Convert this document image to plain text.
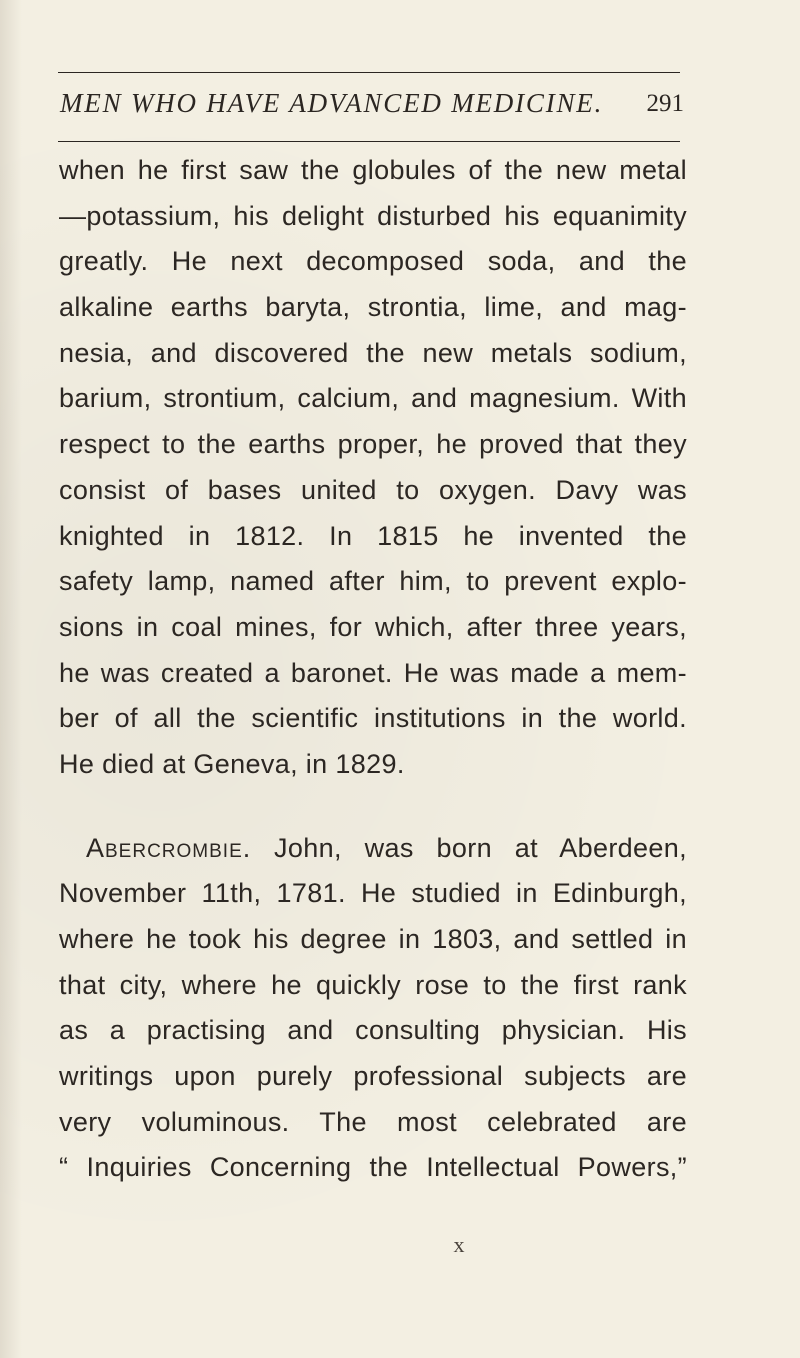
MEN WHO HAVE ADVANCED MEDICINE. 291
when he first saw the globules of the new metal
—potassium, his delight disturbed his equanimity
greatly. He next decomposed soda, and the
alkaline earths baryta, strontia, lime, and mag-
nesia, and discovered the new metals sodium,
barium, strontium, calcium, and magnesium. With
respect to the earths proper, he proved that they
consist of bases united to oxygen. Davy was
knighted in 1812. In 1815 he invented the
safety lamp, named after him, to prevent explo-
sions in coal mines, for which, after three years,
he was created a baronet. He was made a mem-
ber of all the scientific institutions in the world.
He died at Geneva, in 1829.
Abercrombie. John, was born at Aberdeen,
November 11th, 1781. He studied in Edinburgh,
where he took his degree in 1803, and settled in
that city, where he quickly rose to the first rank
as a practising and consulting physician. His
writings upon purely professional subjects are
very voluminous. The most celebrated are
“ Inquiries Concerning the Intellectual Powers,”
x
